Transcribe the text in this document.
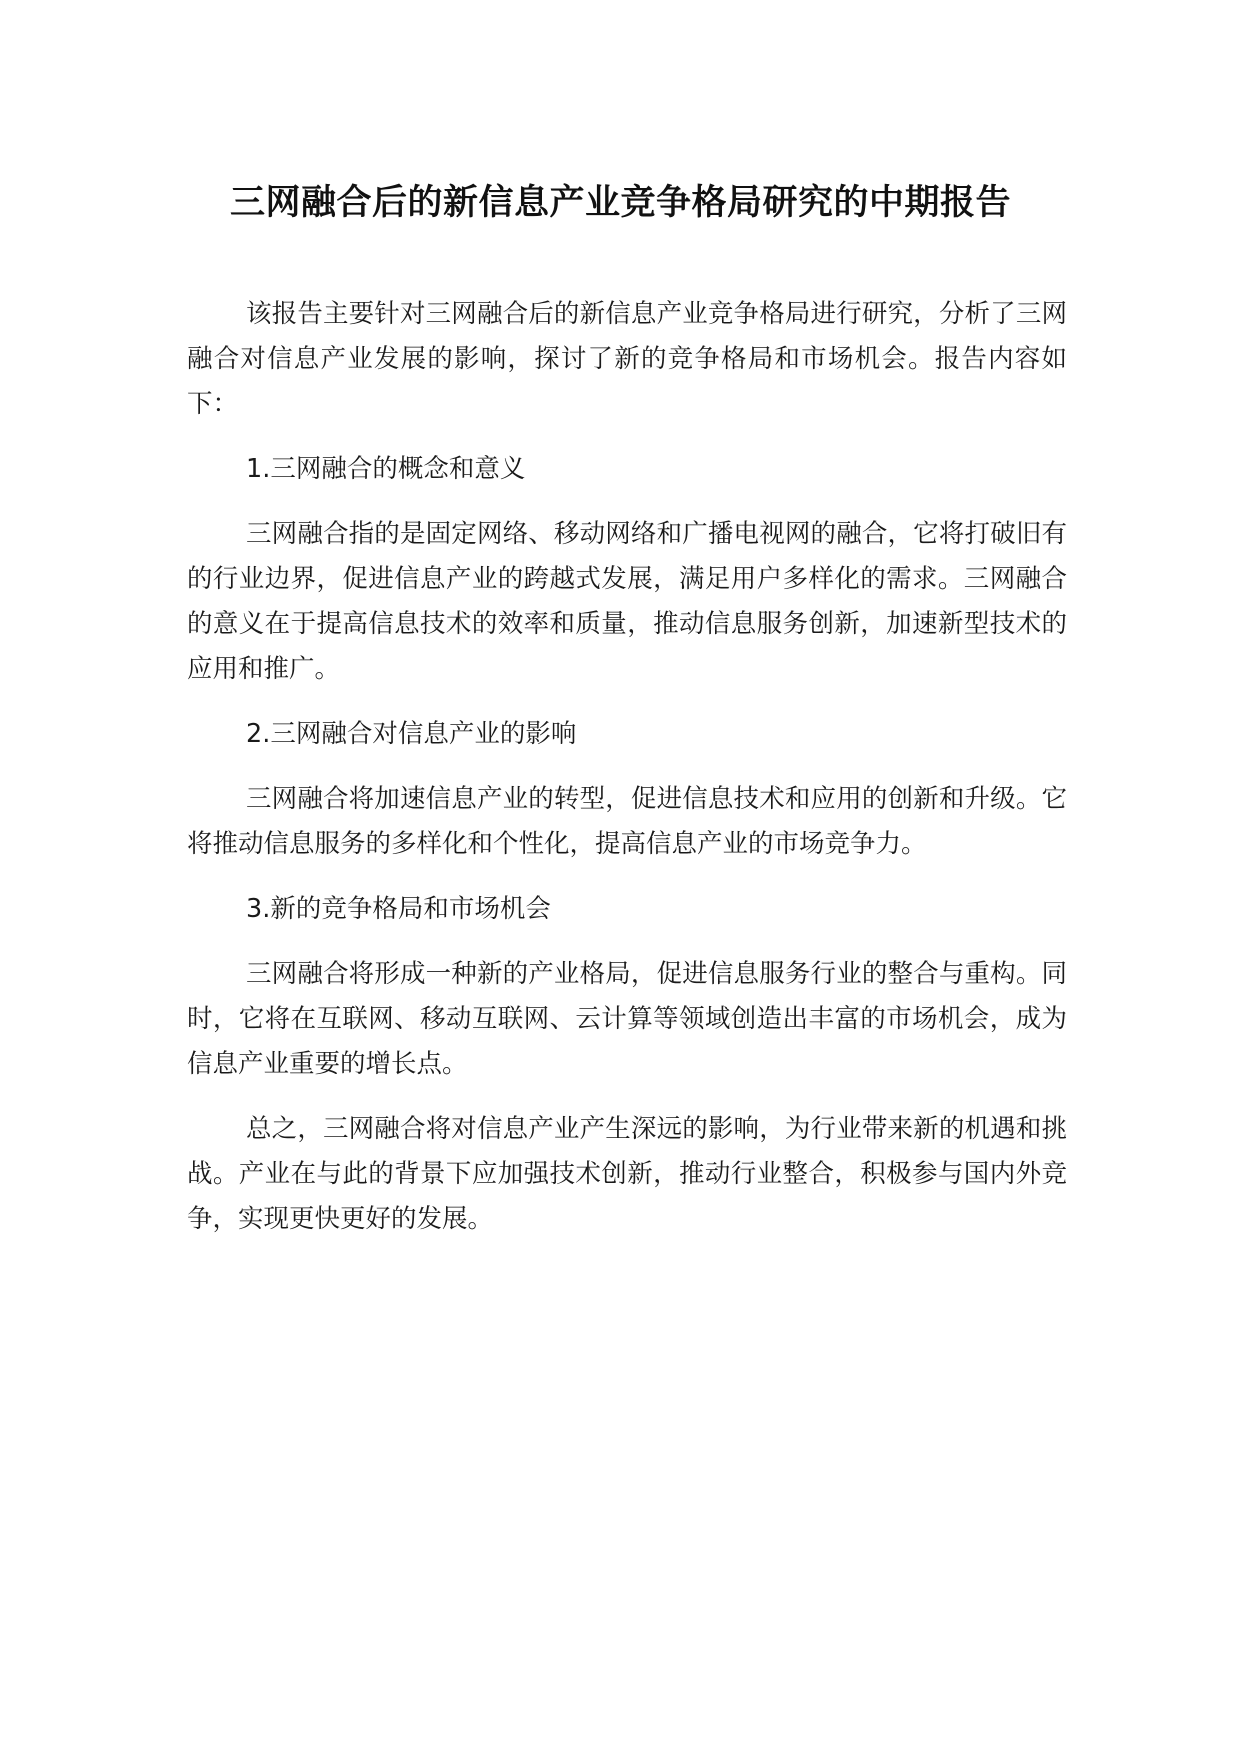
三网融合后的新信息产业竞争格局研究的中期报告

该报告主要针对三网融合后的新信息产业竞争格局进行研究，分析了三网融合对信息产业发展的影响，探讨了新的竞争格局和市场机会。报告内容如下：

1.三网融合的概念和意义

三网融合指的是固定网络、移动网络和广播电视网的融合，它将打破旧有的行业边界，促进信息产业的跨越式发展，满足用户多样化的需求。三网融合的意义在于提高信息技术的效率和质量，推动信息服务创新，加速新型技术的应用和推广。

2.三网融合对信息产业的影响

三网融合将加速信息产业的转型，促进信息技术和应用的创新和升级。它将推动信息服务的多样化和个性化，提高信息产业的市场竞争力。

3.新的竞争格局和市场机会

三网融合将形成一种新的产业格局，促进信息服务行业的整合与重构。同时，它将在互联网、移动互联网、云计算等领域创造出丰富的市场机会，成为信息产业重要的增长点。

总之，三网融合将对信息产业产生深远的影响，为行业带来新的机遇和挑战。产业在与此的背景下应加强技术创新，推动行业整合，积极参与国内外竞争，实现更快更好的发展。
